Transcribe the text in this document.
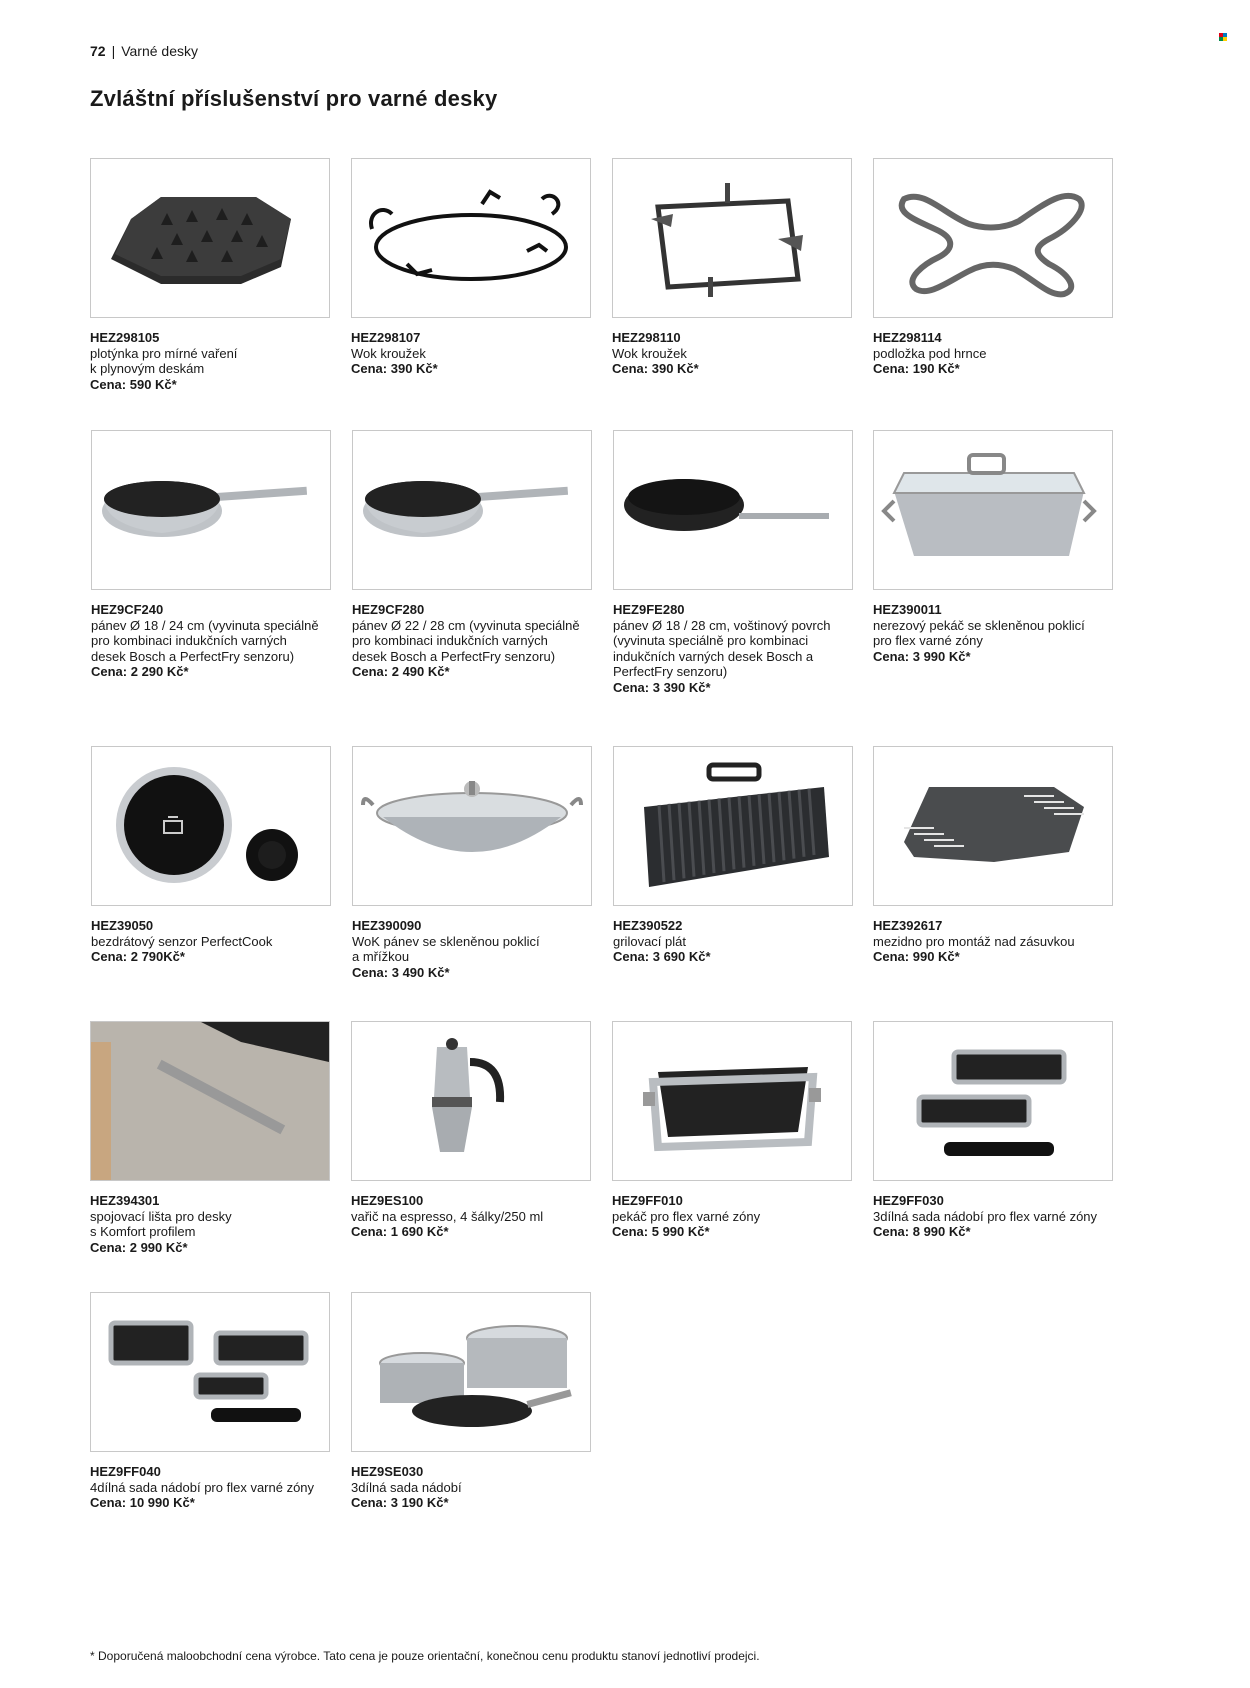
72 | Varné desky
Zvláštní příslušenství pro varné desky
HEZ298105
plotýnka pro mírné vaření
k plynovým deskám
Cena: 590 Kč*
HEZ298107
Wok kroužek
Cena: 390 Kč*
HEZ298110
Wok kroužek
Cena: 390 Kč*
HEZ298114
podložka pod hrnce
Cena: 190 Kč*
HEZ9CF240
pánev Ø 18 / 24 cm (vyvinuta speciálně
pro kombinaci indukčních varných
desek Bosch a PerfectFry senzoru)
Cena: 2 290 Kč*
HEZ9CF280
pánev Ø 22 / 28 cm (vyvinuta speciálně
pro kombinaci indukčních varných
desek Bosch a PerfectFry senzoru)
Cena: 2 490 Kč*
HEZ9FE280
pánev Ø 18 / 28 cm, voštinový povrch
(vyvinuta speciálně pro kombinaci
indukčních varných desek Bosch a
PerfectFry senzoru)
Cena: 3 390 Kč*
HEZ390011
nerezový pekáč se skleněnou poklicí
pro flex varné zóny
Cena: 3 990 Kč*
HEZ39050
bezdrátový senzor PerfectCook
Cena: 2 790Kč*
HEZ390090
WoK pánev se skleněnou poklicí
a mřížkou
Cena: 3 490 Kč*
HEZ390522
grilovací plát
Cena: 3 690 Kč*
HEZ392617
mezidno pro montáž nad zásuvkou
Cena: 990 Kč*
HEZ394301
spojovací lišta pro desky
s Komfort profilem
Cena: 2 990 Kč*
HEZ9ES100
vařič na espresso, 4 šálky/250 ml
Cena: 1 690 Kč*
HEZ9FF010
pekáč pro flex varné zóny
Cena: 5 990 Kč*
HEZ9FF030
3dílná sada nádobí pro flex varné zóny
Cena: 8 990 Kč*
HEZ9FF040
4dílná sada nádobí pro flex varné zóny
Cena: 10 990 Kč*
HEZ9SE030
3dílná sada nádobí
Cena: 3 190 Kč*
* Doporučená maloobchodní cena výrobce. Tato cena je pouze orientační, konečnou cenu produktu stanoví jednotliví prodejci.
